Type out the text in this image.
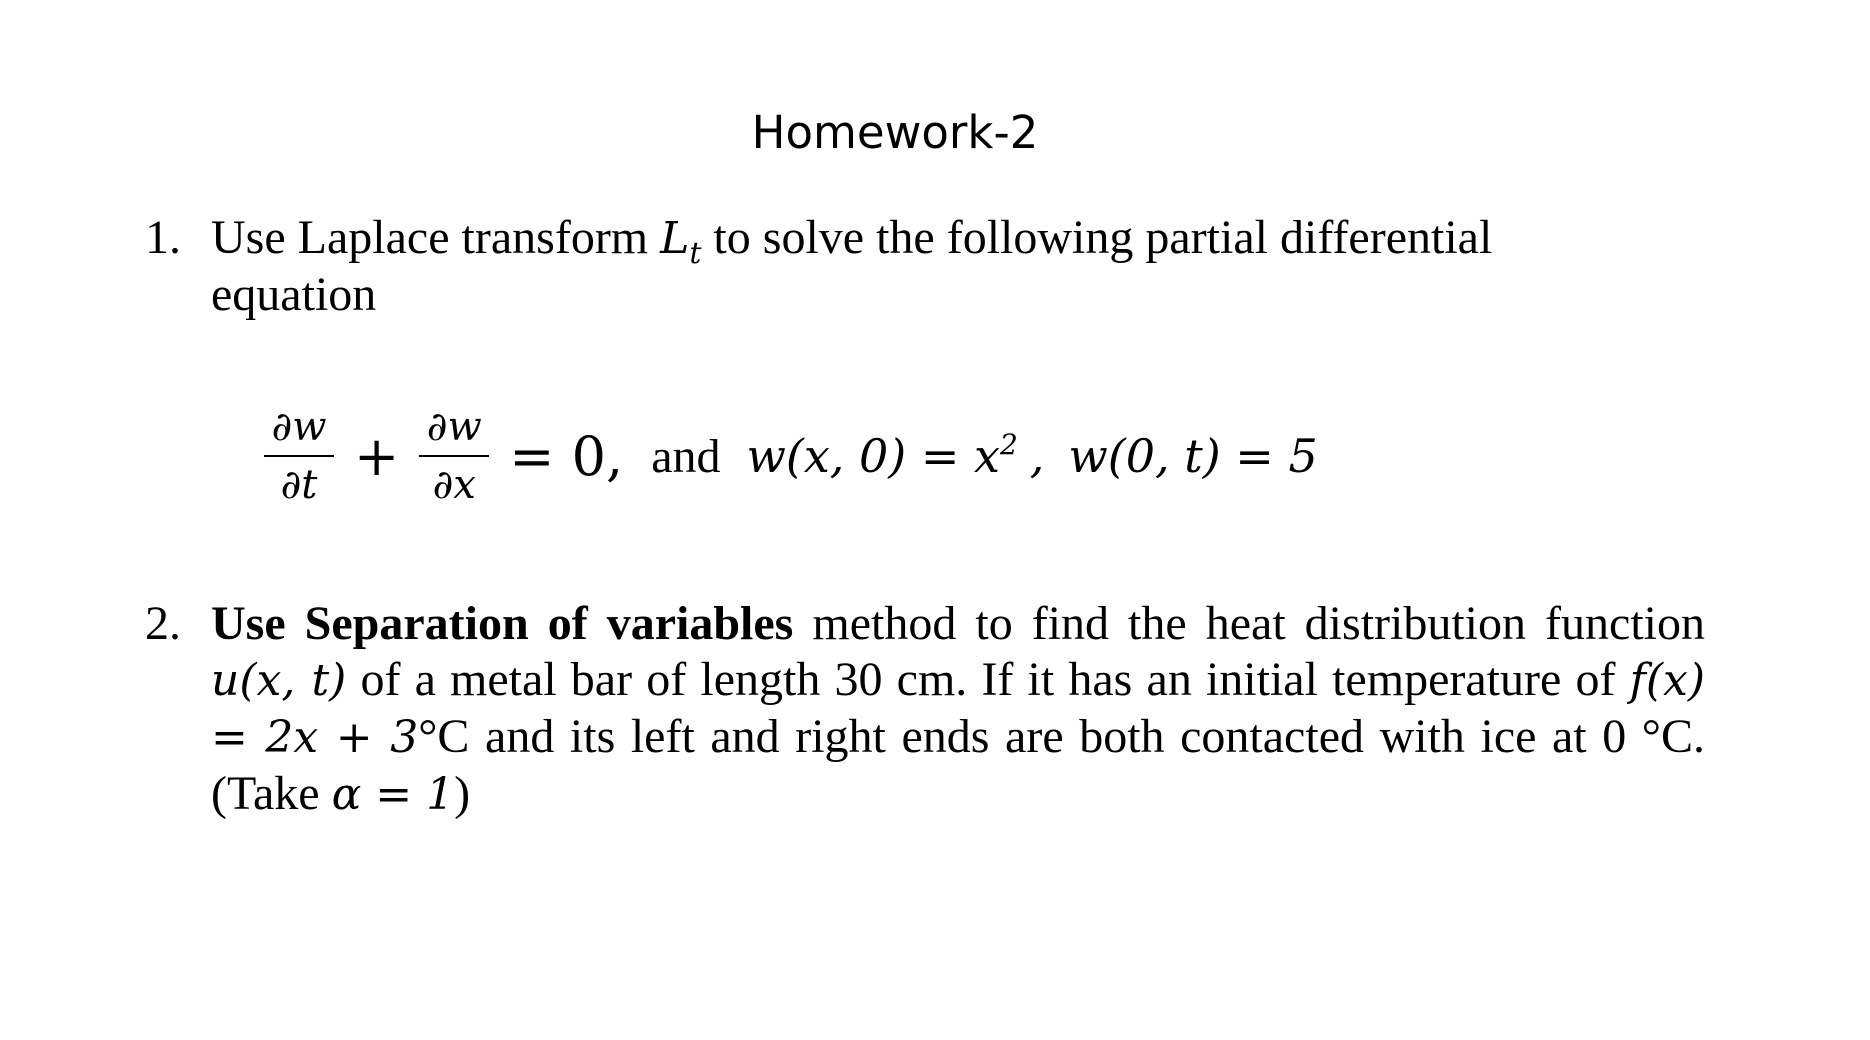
Homework-2
1. Use Laplace transform $L_t$ to solve the following partial differential equation
$\frac{\partial w}{\partial t} + \frac{\partial w}{\partial x} = 0$, and w(x, $0) = x^2$ , w(0, t) = 5
2. Use Separation of variables method to find the heat distribution function u(x, t) of a metal bar of length 30 cm. If it has an initial temperature of f(x) = 2x + 3°C and its left and right ends are both contacted with ice at 0 °C. (Take α = 1)
